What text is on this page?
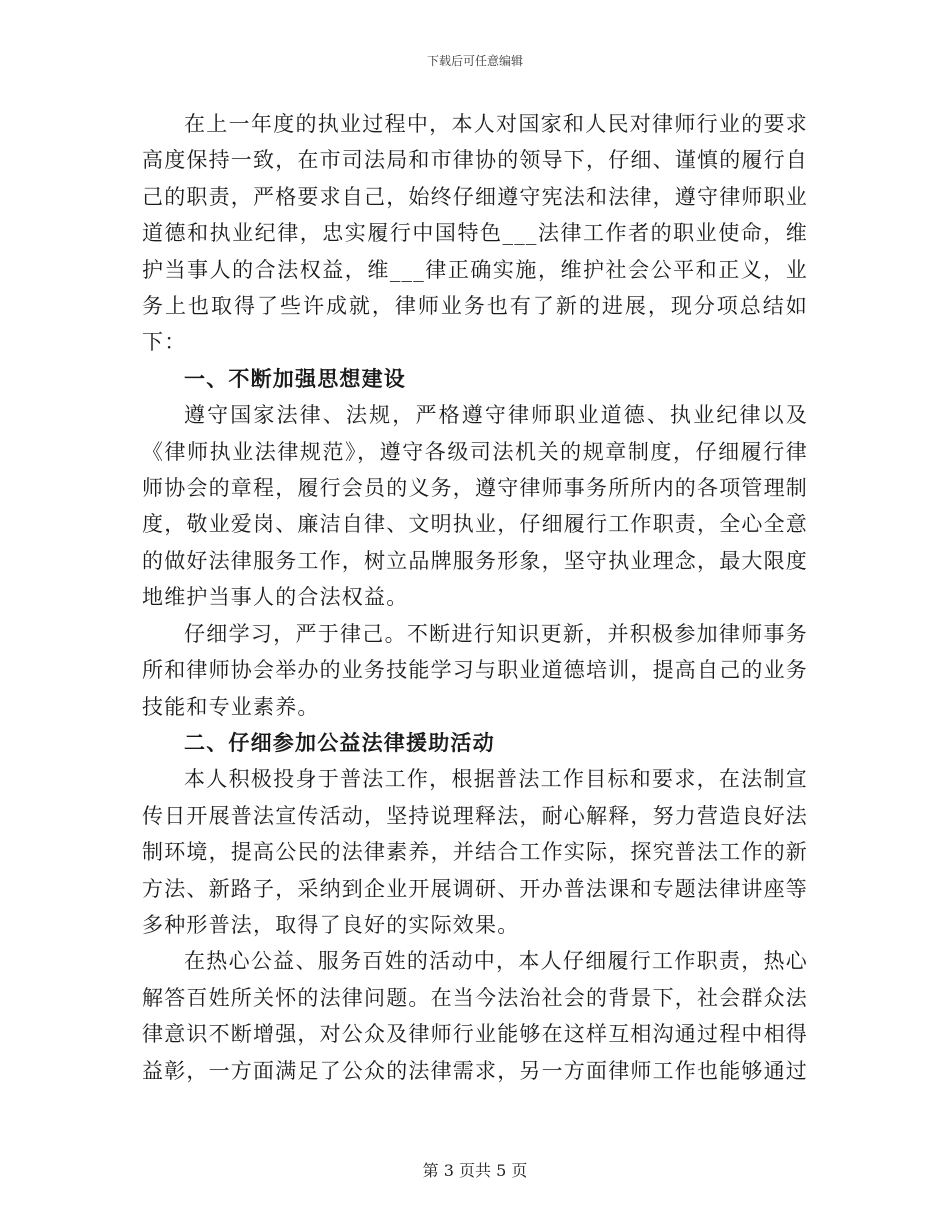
下载后可任意编辑

在上一年度的执业过程中，本人对国家和人民对律师行业的要求高度保持一致，在市司法局和市律协的领导下，仔细、谨慎的履行自己的职责，严格要求自己，始终仔细遵守宪法和法律，遵守律师职业道德和执业纪律，忠实履行中国特色___法律工作者的职业使命，维护当事人的合法权益，维___律正确实施，维护社会公平和正义，业务上也取得了些许成就，律师业务也有了新的进展，现分项总结如下：

一、不断加强思想建设

遵守国家法律、法规，严格遵守律师职业道德、执业纪律以及《律师执业法律规范》，遵守各级司法机关的规章制度，仔细履行律师协会的章程，履行会员的义务，遵守律师事务所所内的各项管理制度，敬业爱岗、廉洁自律、文明执业，仔细履行工作职责，全心全意的做好法律服务工作，树立品牌服务形象，坚守执业理念，最大限度地维护当事人的合法权益。

仔细学习，严于律己。不断进行知识更新，并积极参加律师事务所和律师协会举办的业务技能学习与职业道德培训，提高自己的业务技能和专业素养。

二、仔细参加公益法律援助活动

本人积极投身于普法工作，根据普法工作目标和要求，在法制宣传日开展普法宣传活动，坚持说理释法，耐心解释，努力营造良好法制环境，提高公民的法律素养，并结合工作实际，探究普法工作的新方法、新路子，采纳到企业开展调研、开办普法课和专题法律讲座等多种形普法，取得了良好的实际效果。

在热心公益、服务百姓的活动中，本人仔细履行工作职责，热心解答百姓所关怀的法律问题。在当今法治社会的背景下，社会群众法律意识不断增强，对公众及律师行业能够在这样互相沟通过程中相得益彰，一方面满足了公众的法律需求，另一方面律师工作也能够通过

第 3 页共 5 页
